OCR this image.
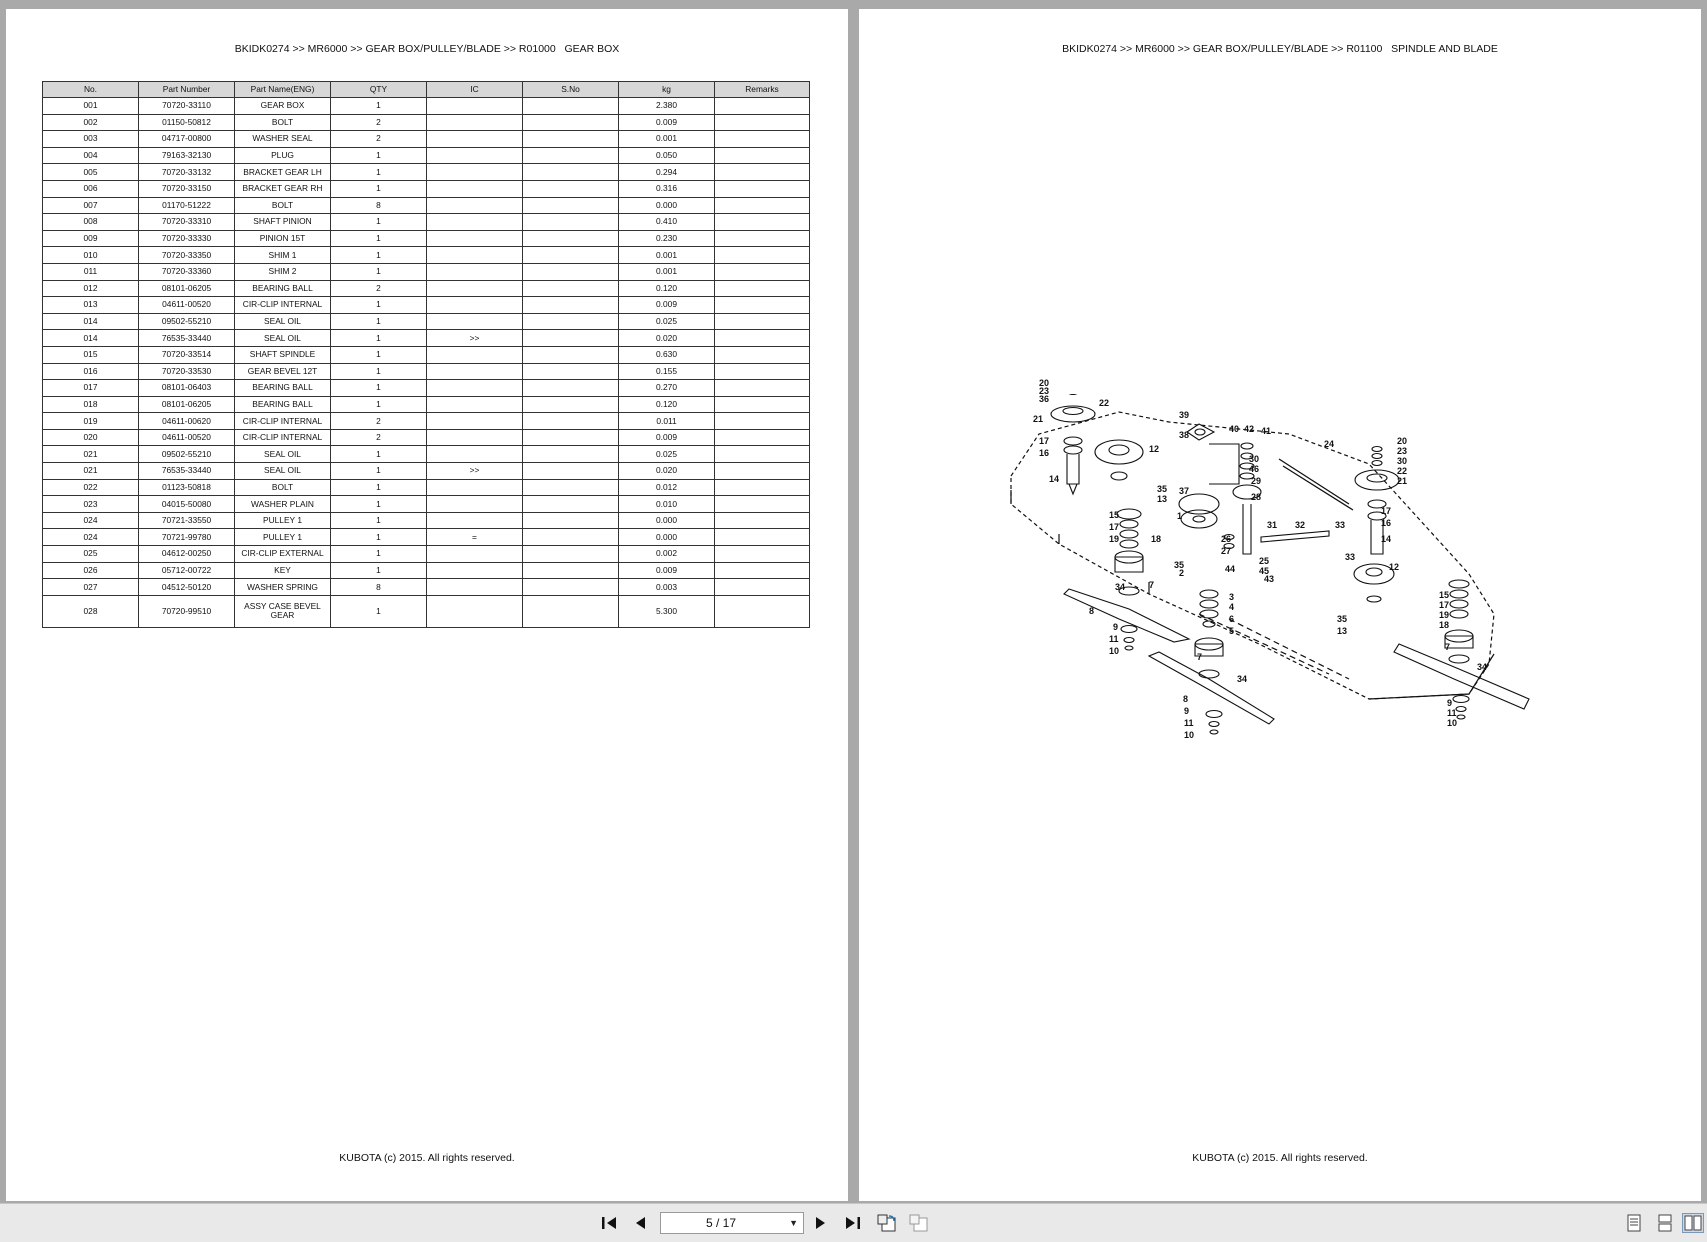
BKIDK0274 >> MR6000 >> GEAR BOX/PULLEY/BLADE >> R01000   GEAR BOX
No.	Part Number	Part Name(ENG)	QTY	IC	S.No	kg	Remarks
001	70720-33110	GEAR BOX	1			2.380	
002	01150-50812	BOLT	2			0.009	
003	04717-00800	WASHER SEAL	2			0.001	
004	79163-32130	PLUG	1			0.050	
005	70720-33132	BRACKET GEAR LH	1			0.294	
006	70720-33150	BRACKET GEAR RH	1			0.316	
007	01170-51222	BOLT	8			0.000	
008	70720-33310	SHAFT PINION	1			0.410	
009	70720-33330	PINION 15T	1			0.230	
010	70720-33350	SHIM 1	1			0.001	
011	70720-33360	SHIM 2	1			0.001	
012	08101-06205	BEARING BALL	2			0.120	
013	04611-00520	CIR-CLIP INTERNAL	1			0.009	
014	09502-55210	SEAL OIL	1			0.025	
014	76535-33440	SEAL OIL	1	>>		0.020	
015	70720-33514	SHAFT SPINDLE	1			0.630	
016	70720-33530	GEAR BEVEL 12T	1			0.155	
017	08101-06403	BEARING BALL	1			0.270	
018	08101-06205	BEARING BALL	1			0.120	
019	04611-00620	CIR-CLIP INTERNAL	2			0.011	
020	04611-00520	CIR-CLIP INTERNAL	2			0.009	
021	09502-55210	SEAL OIL	1			0.025	
021	76535-33440	SEAL OIL	1	>>		0.020	
022	01123-50818	BOLT	1			0.012	
023	04015-50080	WASHER PLAIN	1			0.010	
024	70721-33550	PULLEY 1	1			0.000	
024	70721-99780	PULLEY 1	1	=		0.000	
025	04612-00250	CIR-CLIP EXTERNAL	1			0.002	
026	05712-00722	KEY	1			0.009	
027	04512-50120	WASHER SPRING	8			0.003	
028	70720-99510	ASSY CASE BEVEL GEAR	1			5.300	
KUBOTA (c) 2015. All rights reserved.
BKIDK0274 >> MR6000 >> GEAR BOX/PULLEY/BLADE >> R01100   SPINDLE AND BLADE
20
23
36	22
21
17
16
14
12
39
38
40 42 41
30
46
29
28
24	20
23
30
22
21
35 37
13
15
17
19	18
1
26
27
31 32	33
17
16
14
35
2	44
25
45
43
33
12
34	7
8
3
4
6
5
15
17
19
18
35
13
9
11
10
7
34
8
9
11
10
7
34
9
11
10
KUBOTA (c) 2015. All rights reserved.
5 / 17	▼
